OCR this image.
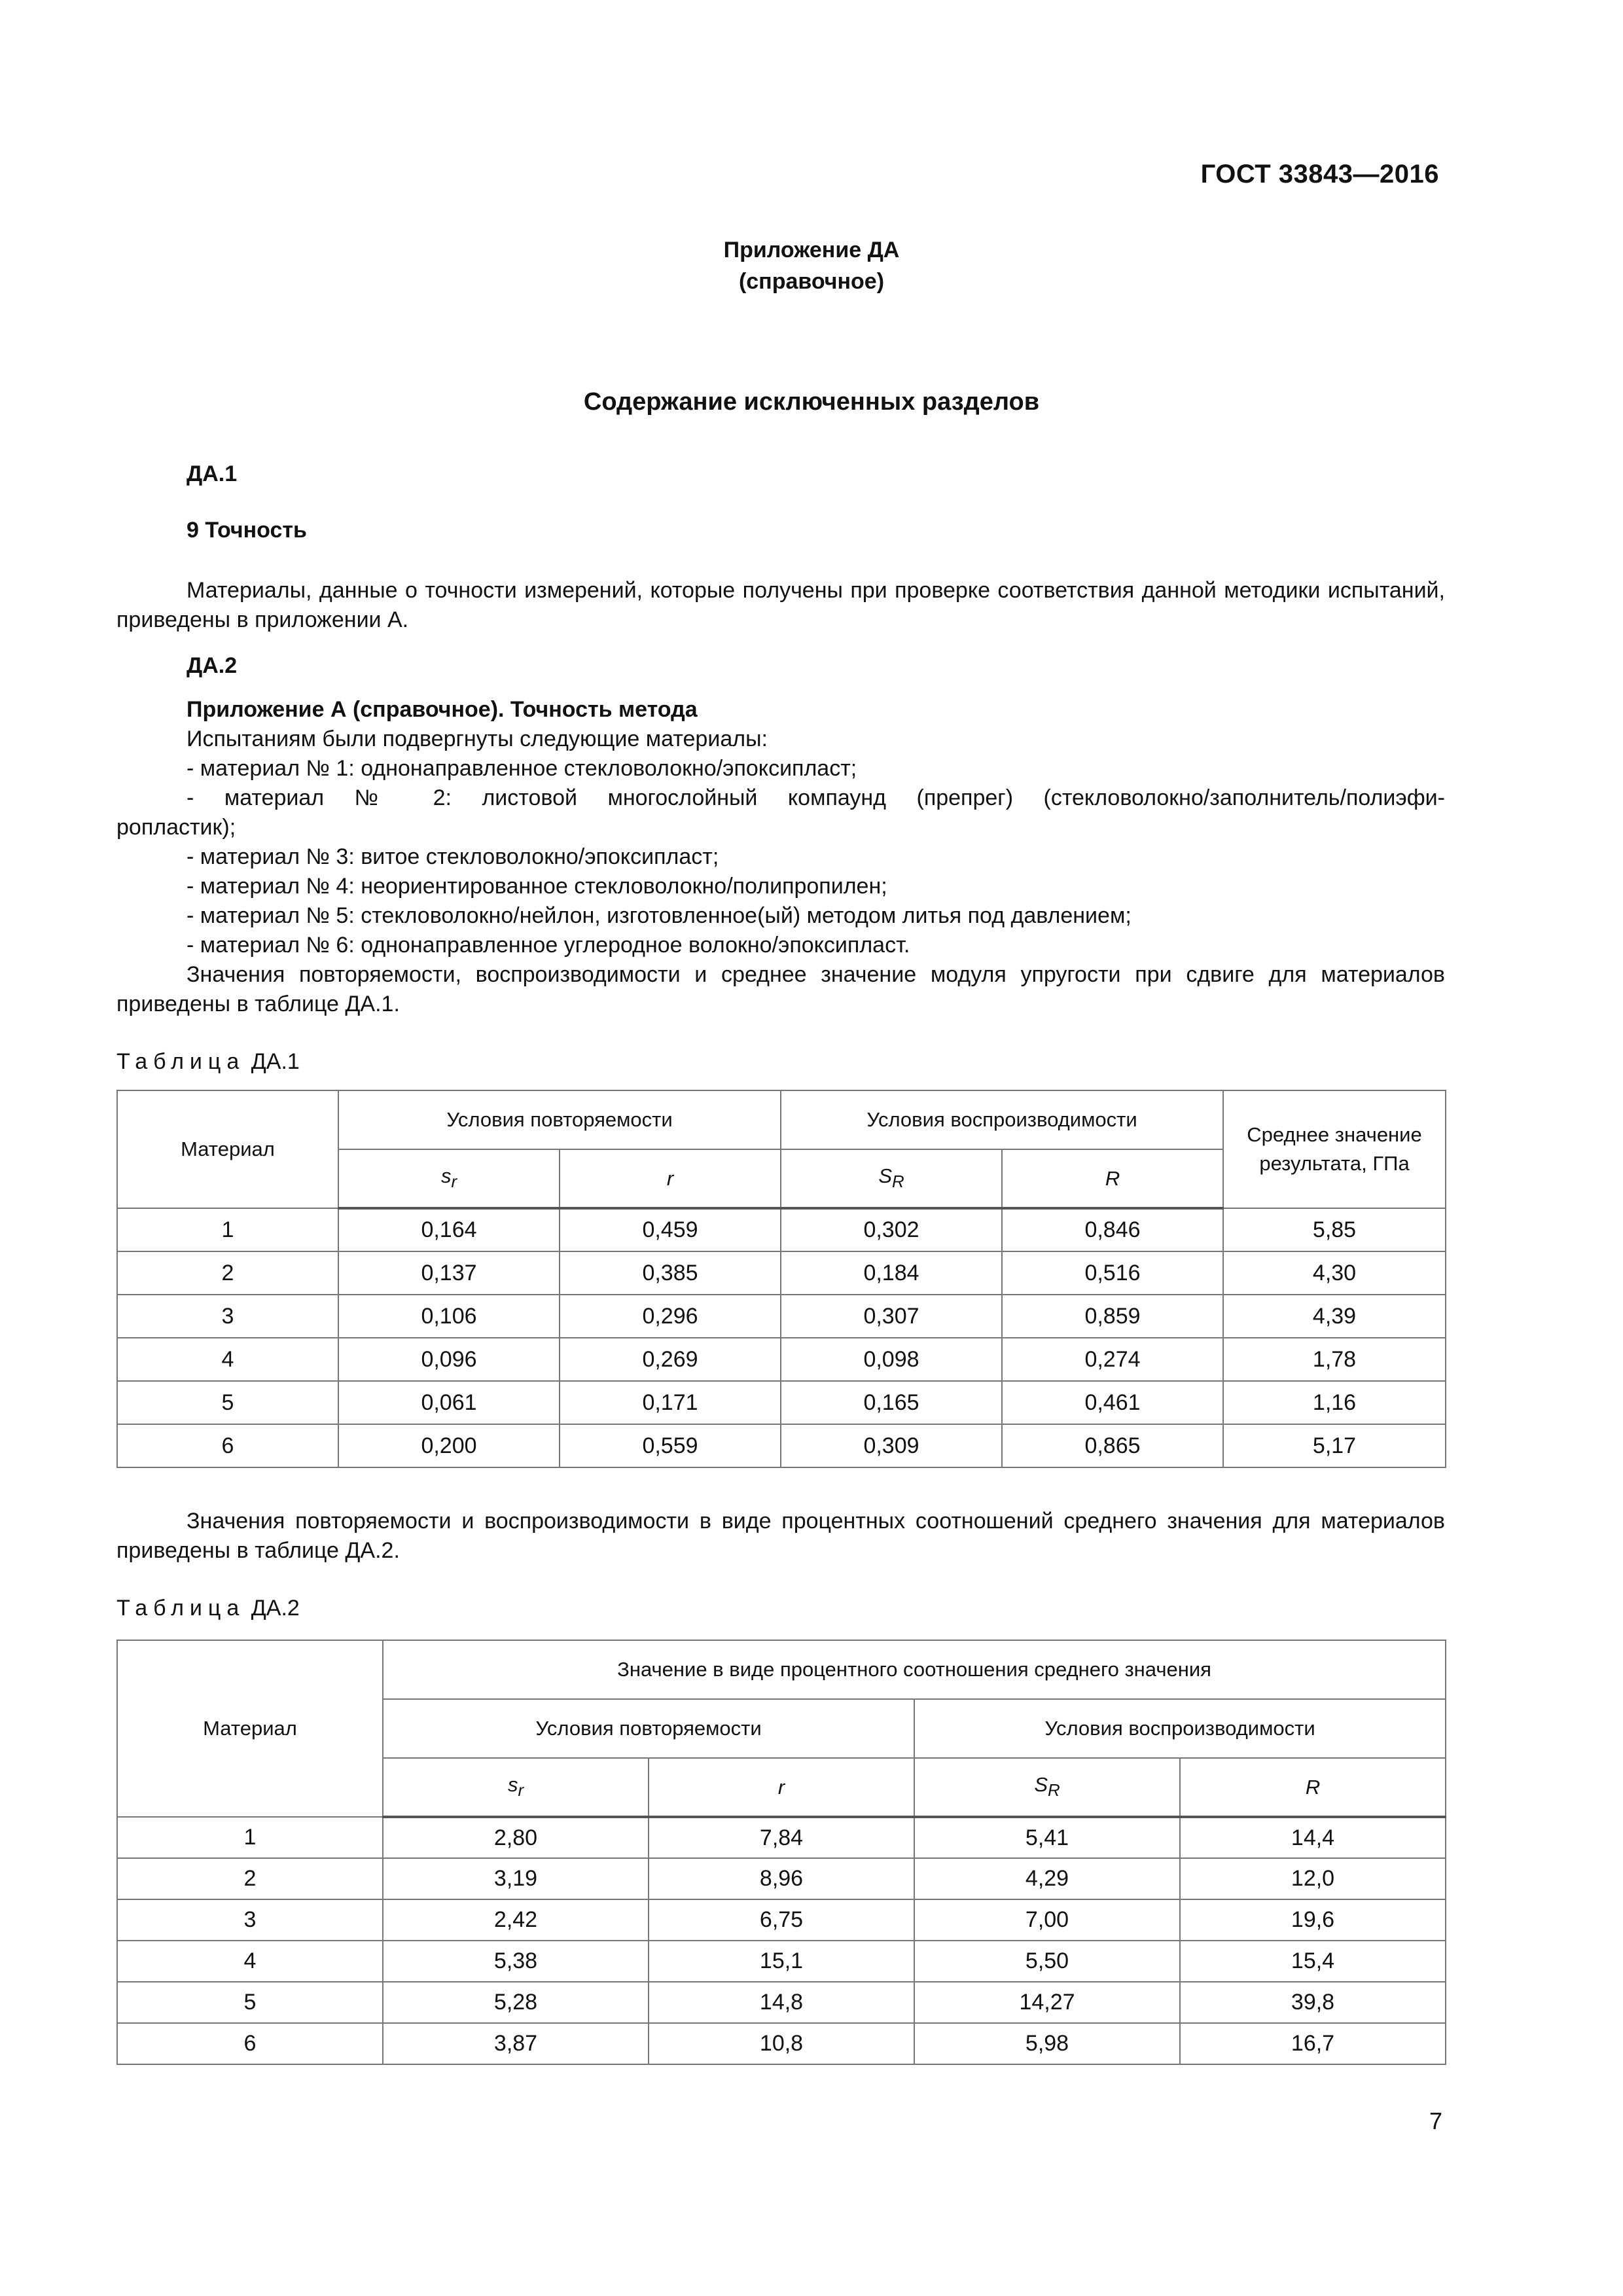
ГОСТ 33843—2016
Приложение ДА
(справочное)
Содержание исключенных разделов
ДА.1
9 Точность
Материалы, данные о точности измерений, которые получены при проверке соответствия данной методики испытаний, приведены в приложении А.
ДА.2
Приложение А (справочное). Точность метода
Испытаниям были подвергнуты следующие материалы:
- материал № 1: однонаправленное стекловолокно/эпоксипласт;
- материал № 2: листовой многослойный компаунд (препрег) (стекловолокно/заполнитель/полиэфи-
ропластик);
- материал № 3: витое стекловолокно/эпоксипласт;
- материал № 4: неориентированное стекловолокно/полипропилен;
- материал № 5: стекловолокно/нейлон, изготовленное(ый) методом литья под давлением;
- материал № 6: однонаправленное углеродное волокно/эпоксипласт.
Значения повторяемости, воспроизводимости и среднее значение модуля упругости при сдвиге для материалов приведены в таблице ДА.1.
Таблица ДА.1
Материал	Условия повторяемости		Условия воспроизводимости		Среднее значение результата, ГПа
	$s_r$	r	$S_R$	R	
1	0,164	0,459	0,302	0,846	5,85
2	0,137	0,385	0,184	0,516	4,30
3	0,106	0,296	0,307	0,859	4,39
4	0,096	0,269	0,098	0,274	1,78
5	0,061	0,171	0,165	0,461	1,16
6	0,200	0,559	0,309	0,865	5,17
Значения повторяемости и воспроизводимости в виде процентных соотношений среднего значения для материалов приведены в таблице ДА.2.
Таблица ДА.2
Материал	Значение в виде процентного соотношения среднего значения			
	Условия повторяемости		Условия воспроизводимости	
	$s_r$	r	$S_R$	R
1	2,80	7,84	5,41	14,4
2	3,19	8,96	4,29	12,0
3	2,42	6,75	7,00	19,6
4	5,38	15,1	5,50	15,4
5	5,28	14,8	14,27	39,8
6	3,87	10,8	5,98	16,7
7
